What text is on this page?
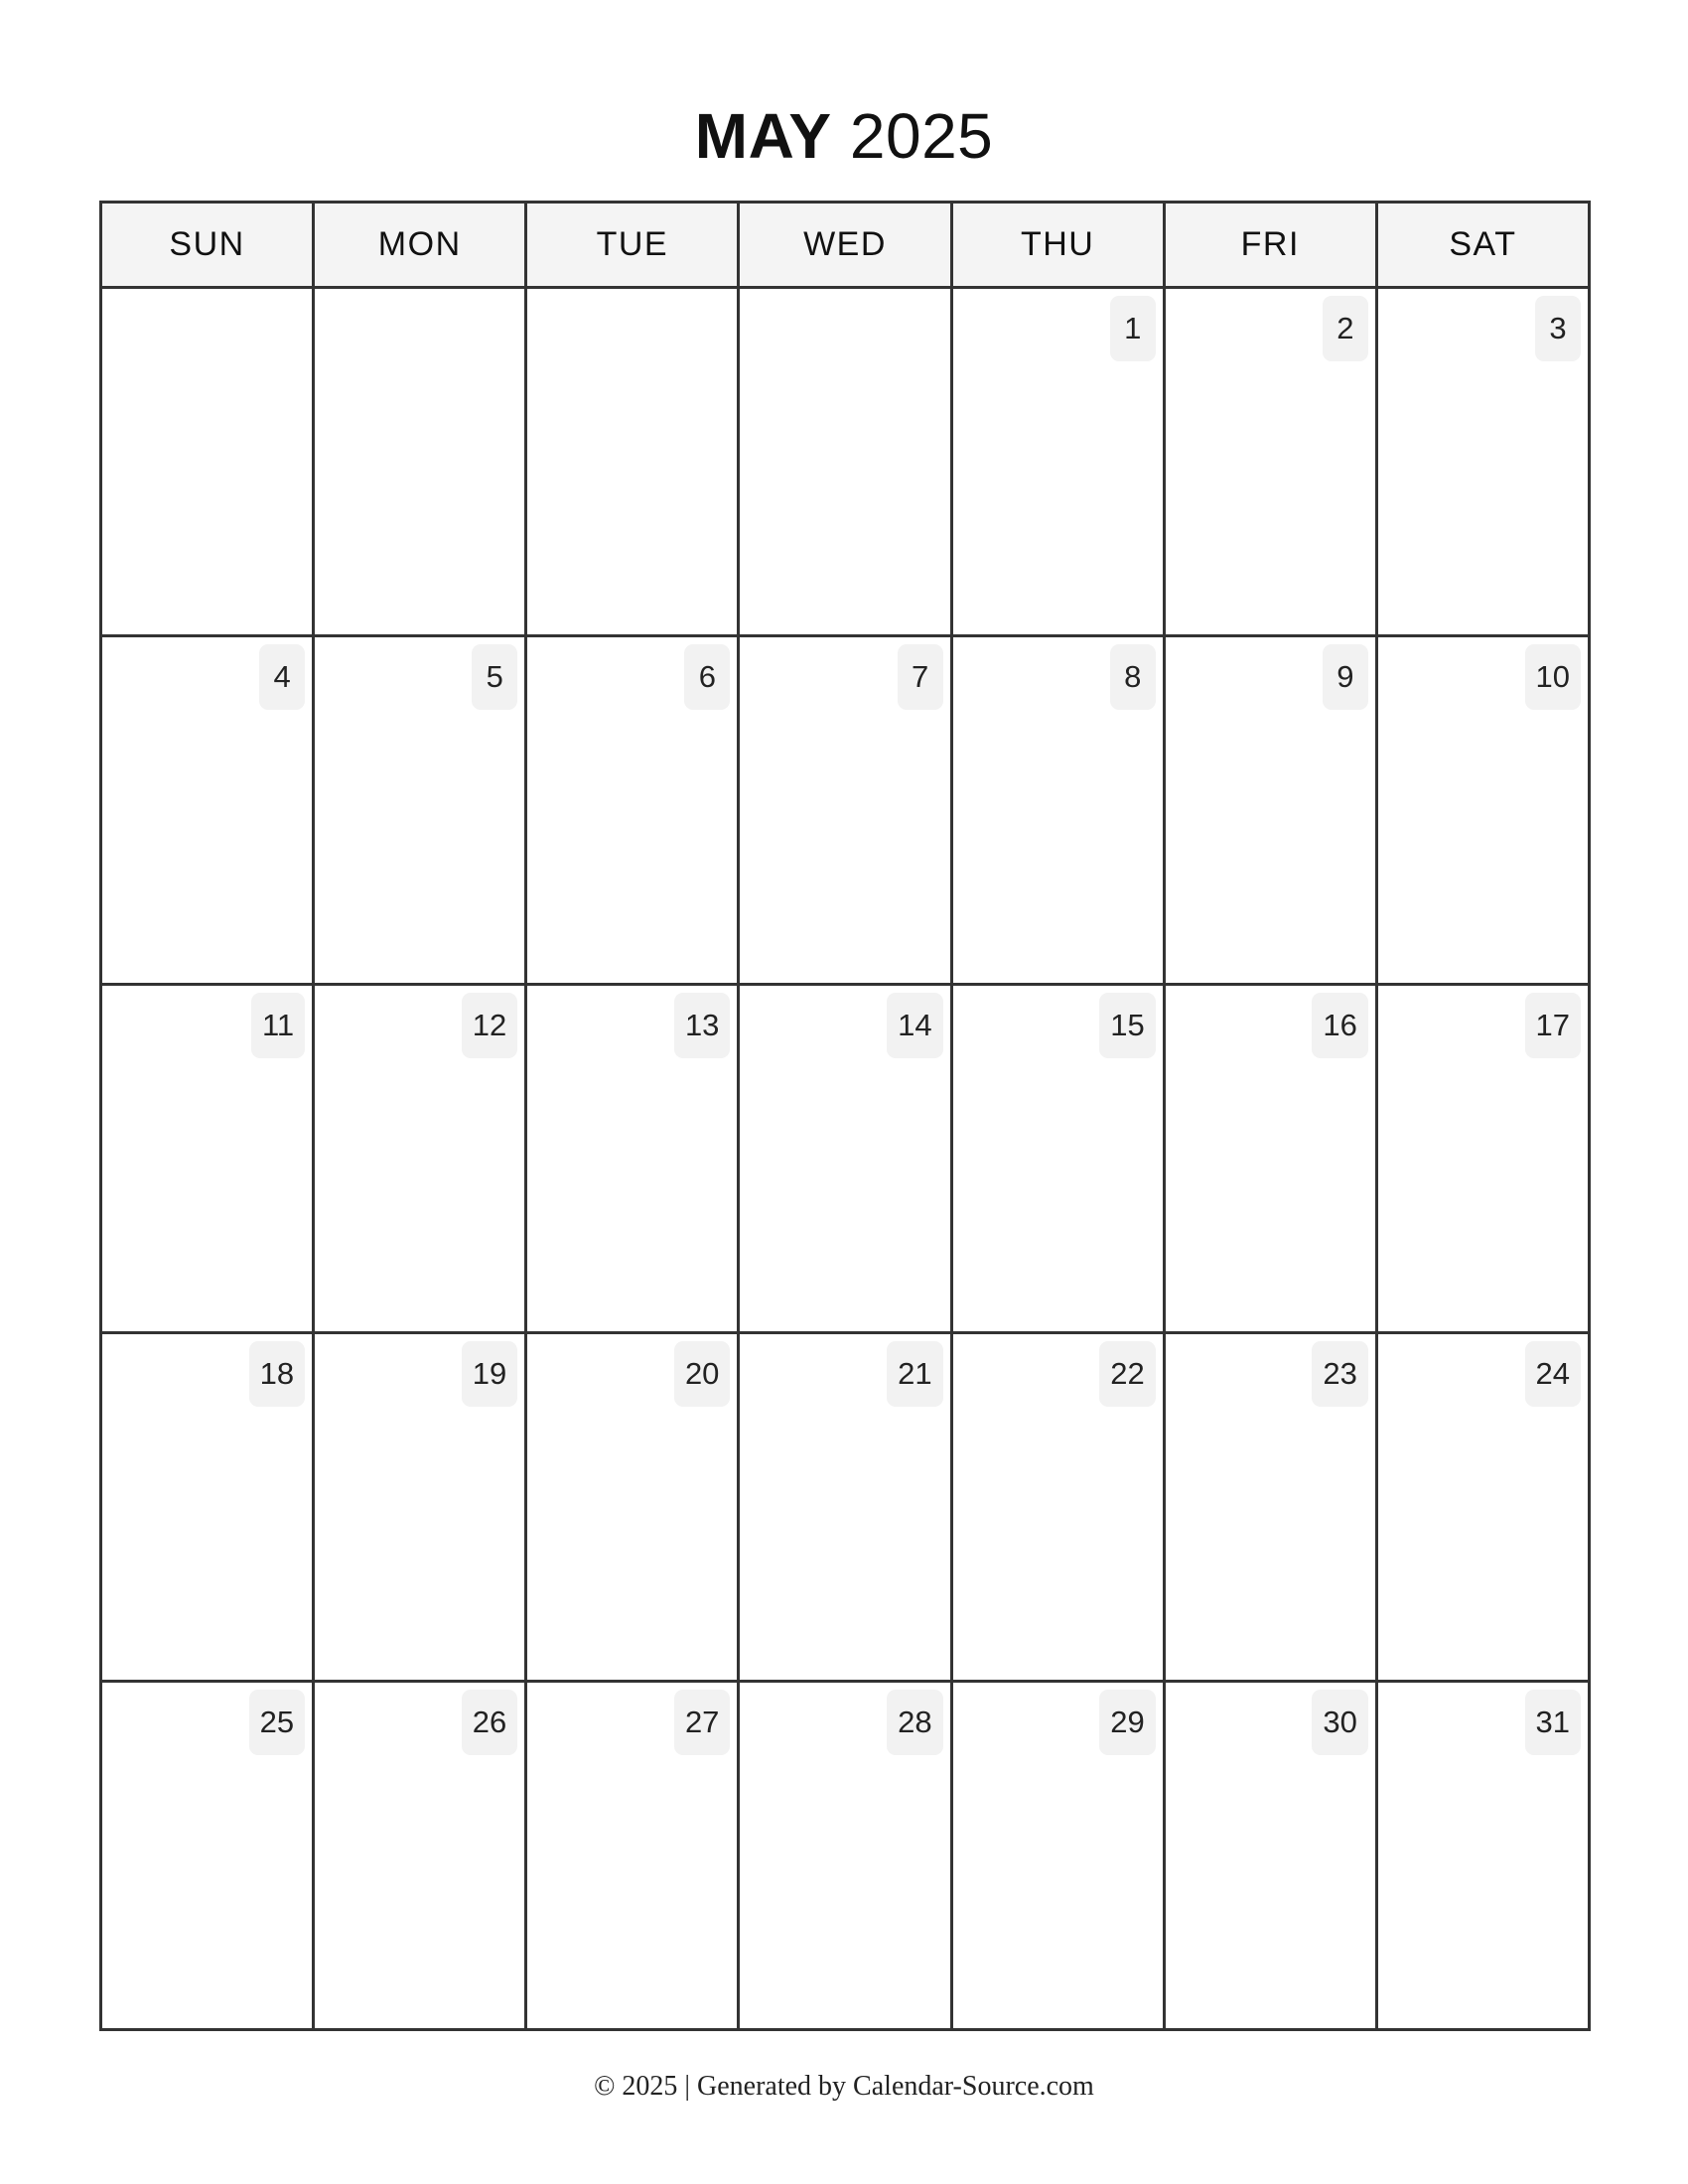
MAY 2025
SUN	MON	TUE	WED	THU	FRI	SAT

				1	2	3

4	5	6	7	8	9	10

11	12	13	14	15	16	17

18	19	20	21	22	23	24

25	26	27	28	29	30	31
© 2025 | Generated by Calendar-Source.com
